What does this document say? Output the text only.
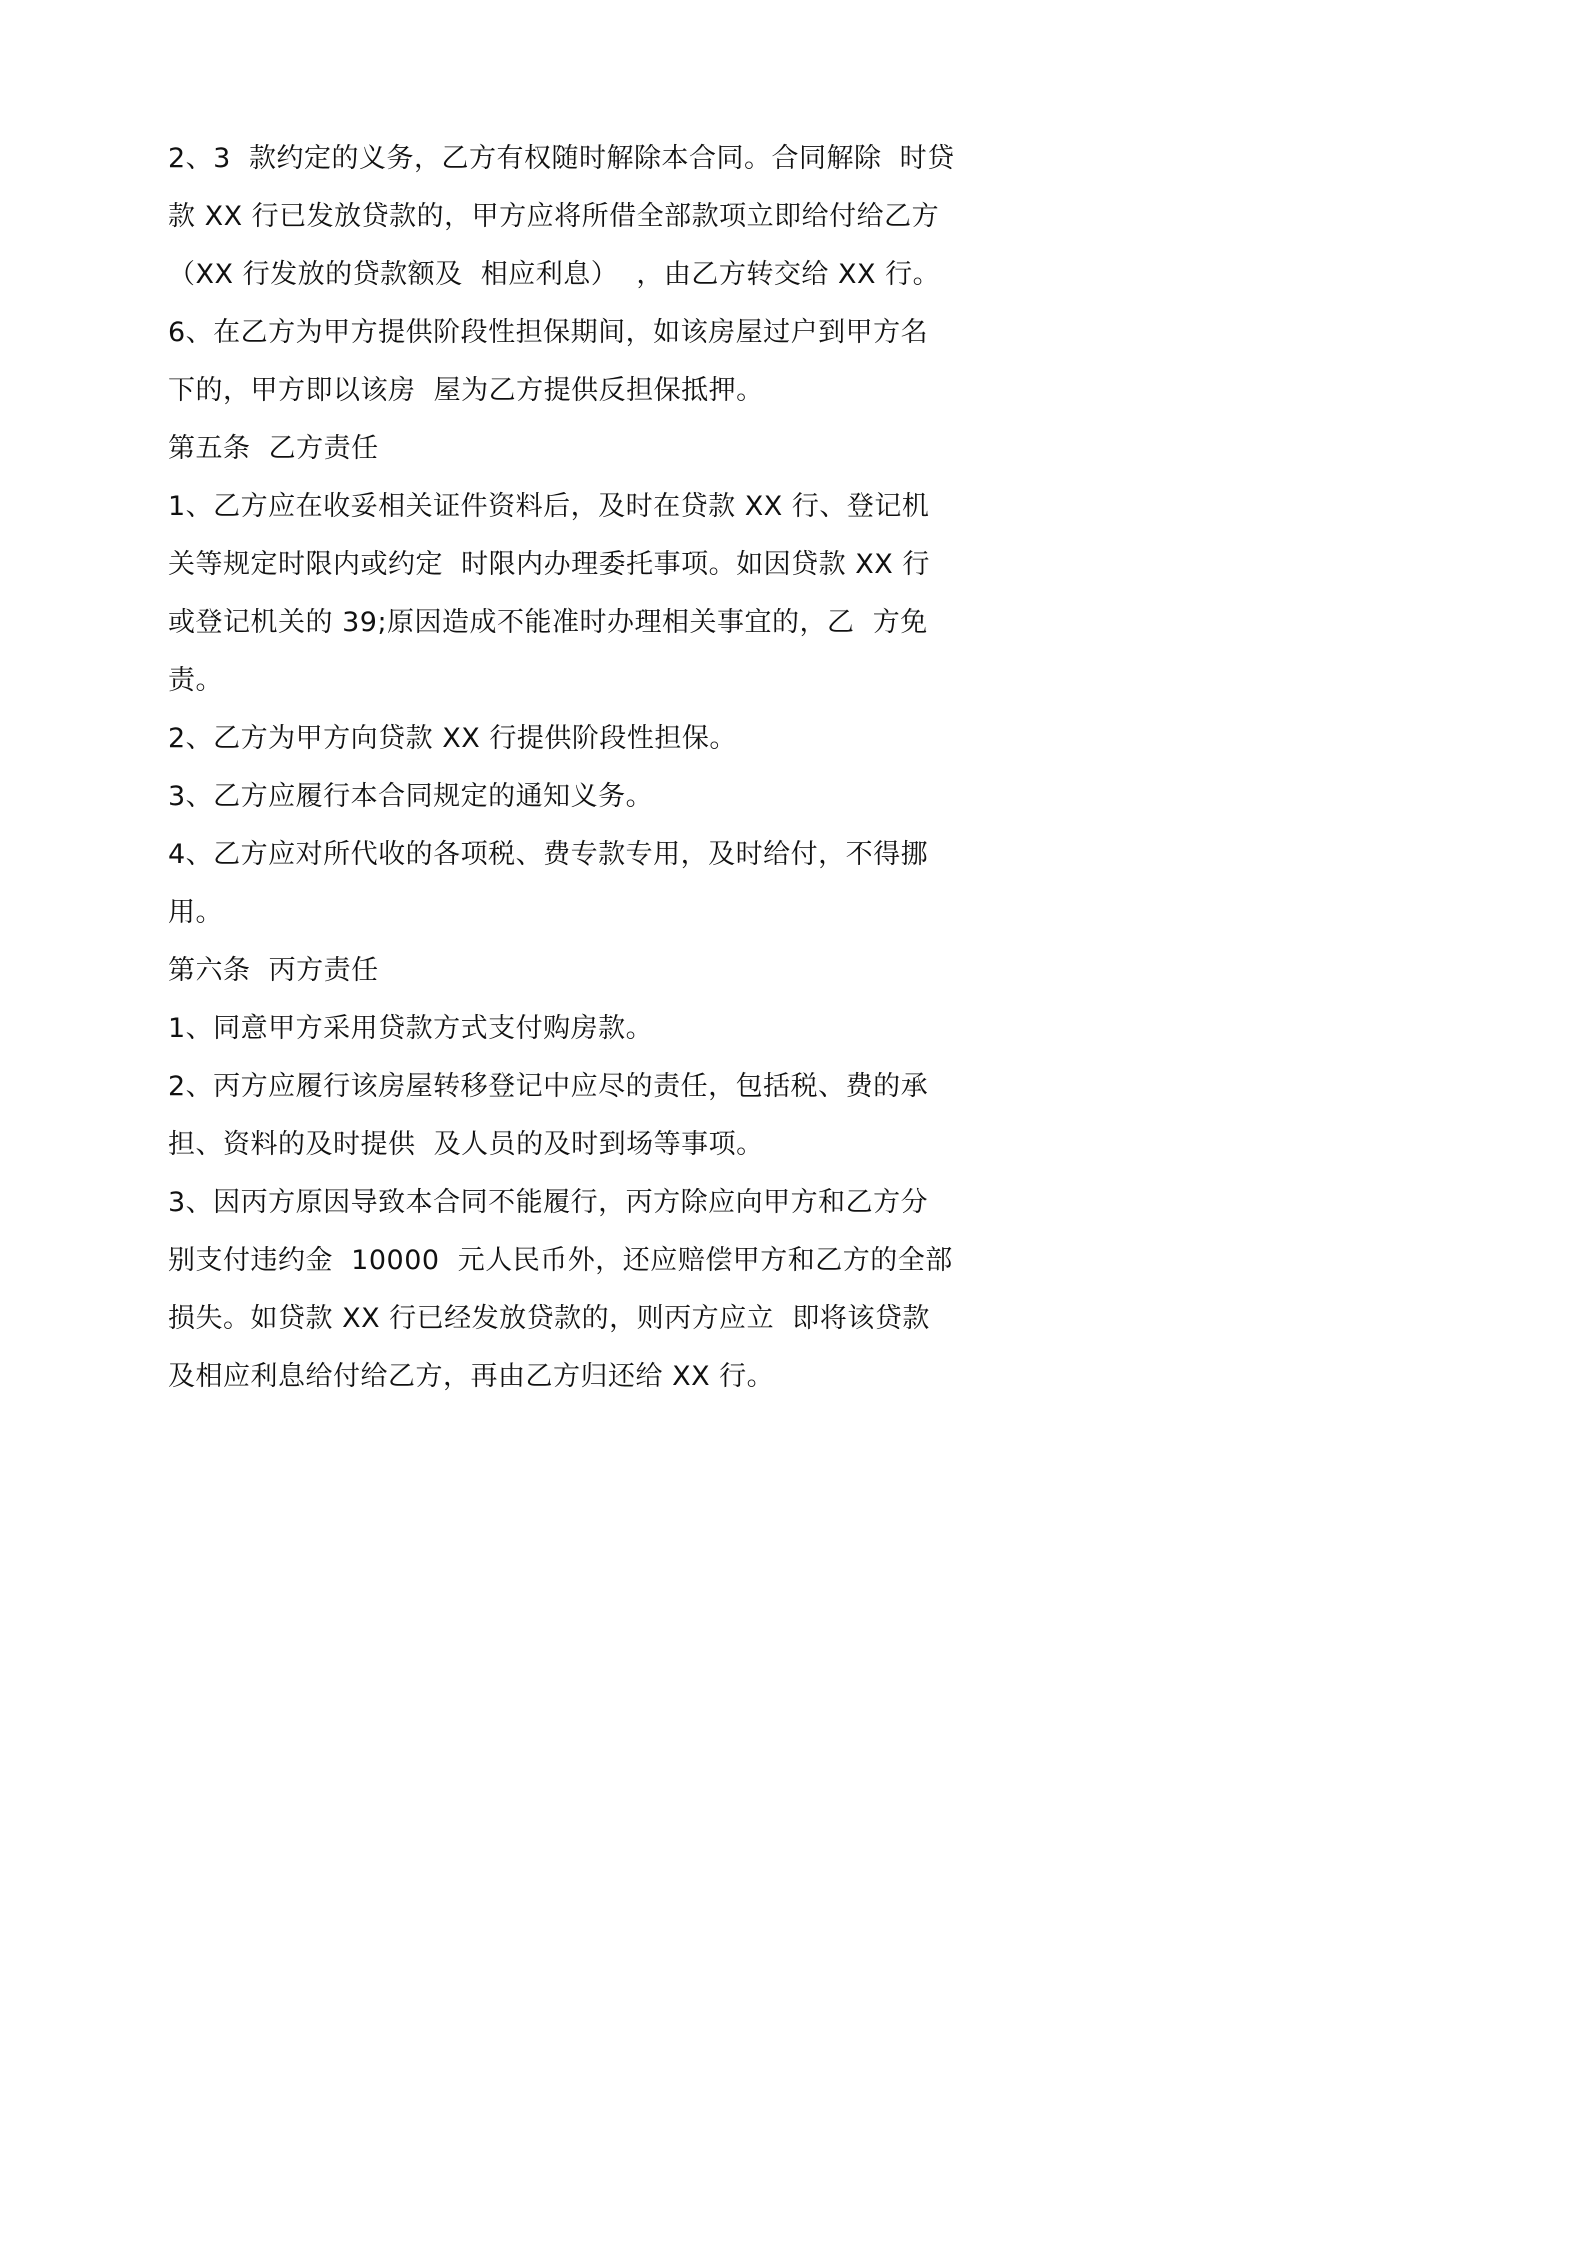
2、3  款约定的义务，乙方有权随时解除本合同。合同解除  时贷
款 XX 行已发放贷款的，甲方应将所借全部款项立即给付给乙方
（XX 行发放的贷款额及  相应利息）  ，由乙方转交给 XX 行。
6、在乙方为甲方提供阶段性担保期间，如该房屋过户到甲方名
下的，甲方即以该房  屋为乙方提供反担保抵押。
第五条  乙方责任
1、乙方应在收妥相关证件资料后，及时在贷款 XX 行、登记机
关等规定时限内或约定  时限内办理委托事项。如因贷款 XX 行
或登记机关的 39;原因造成不能准时办理相关事宜的，乙  方免
责。
2、乙方为甲方向贷款 XX 行提供阶段性担保。
3、乙方应履行本合同规定的通知义务。
4、乙方应对所代收的各项税、费专款专用，及时给付，不得挪
用。
第六条  丙方责任
1、同意甲方采用贷款方式支付购房款。
2、丙方应履行该房屋转移登记中应尽的责任，包括税、费的承
担、资料的及时提供  及人员的及时到场等事项。
3、因丙方原因导致本合同不能履行，丙方除应向甲方和乙方分
别支付违约金  10000  元人民币外，还应赔偿甲方和乙方的全部
损失。如贷款 XX 行已经发放贷款的，则丙方应立  即将该贷款
及相应利息给付给乙方，再由乙方归还给 XX 行。
